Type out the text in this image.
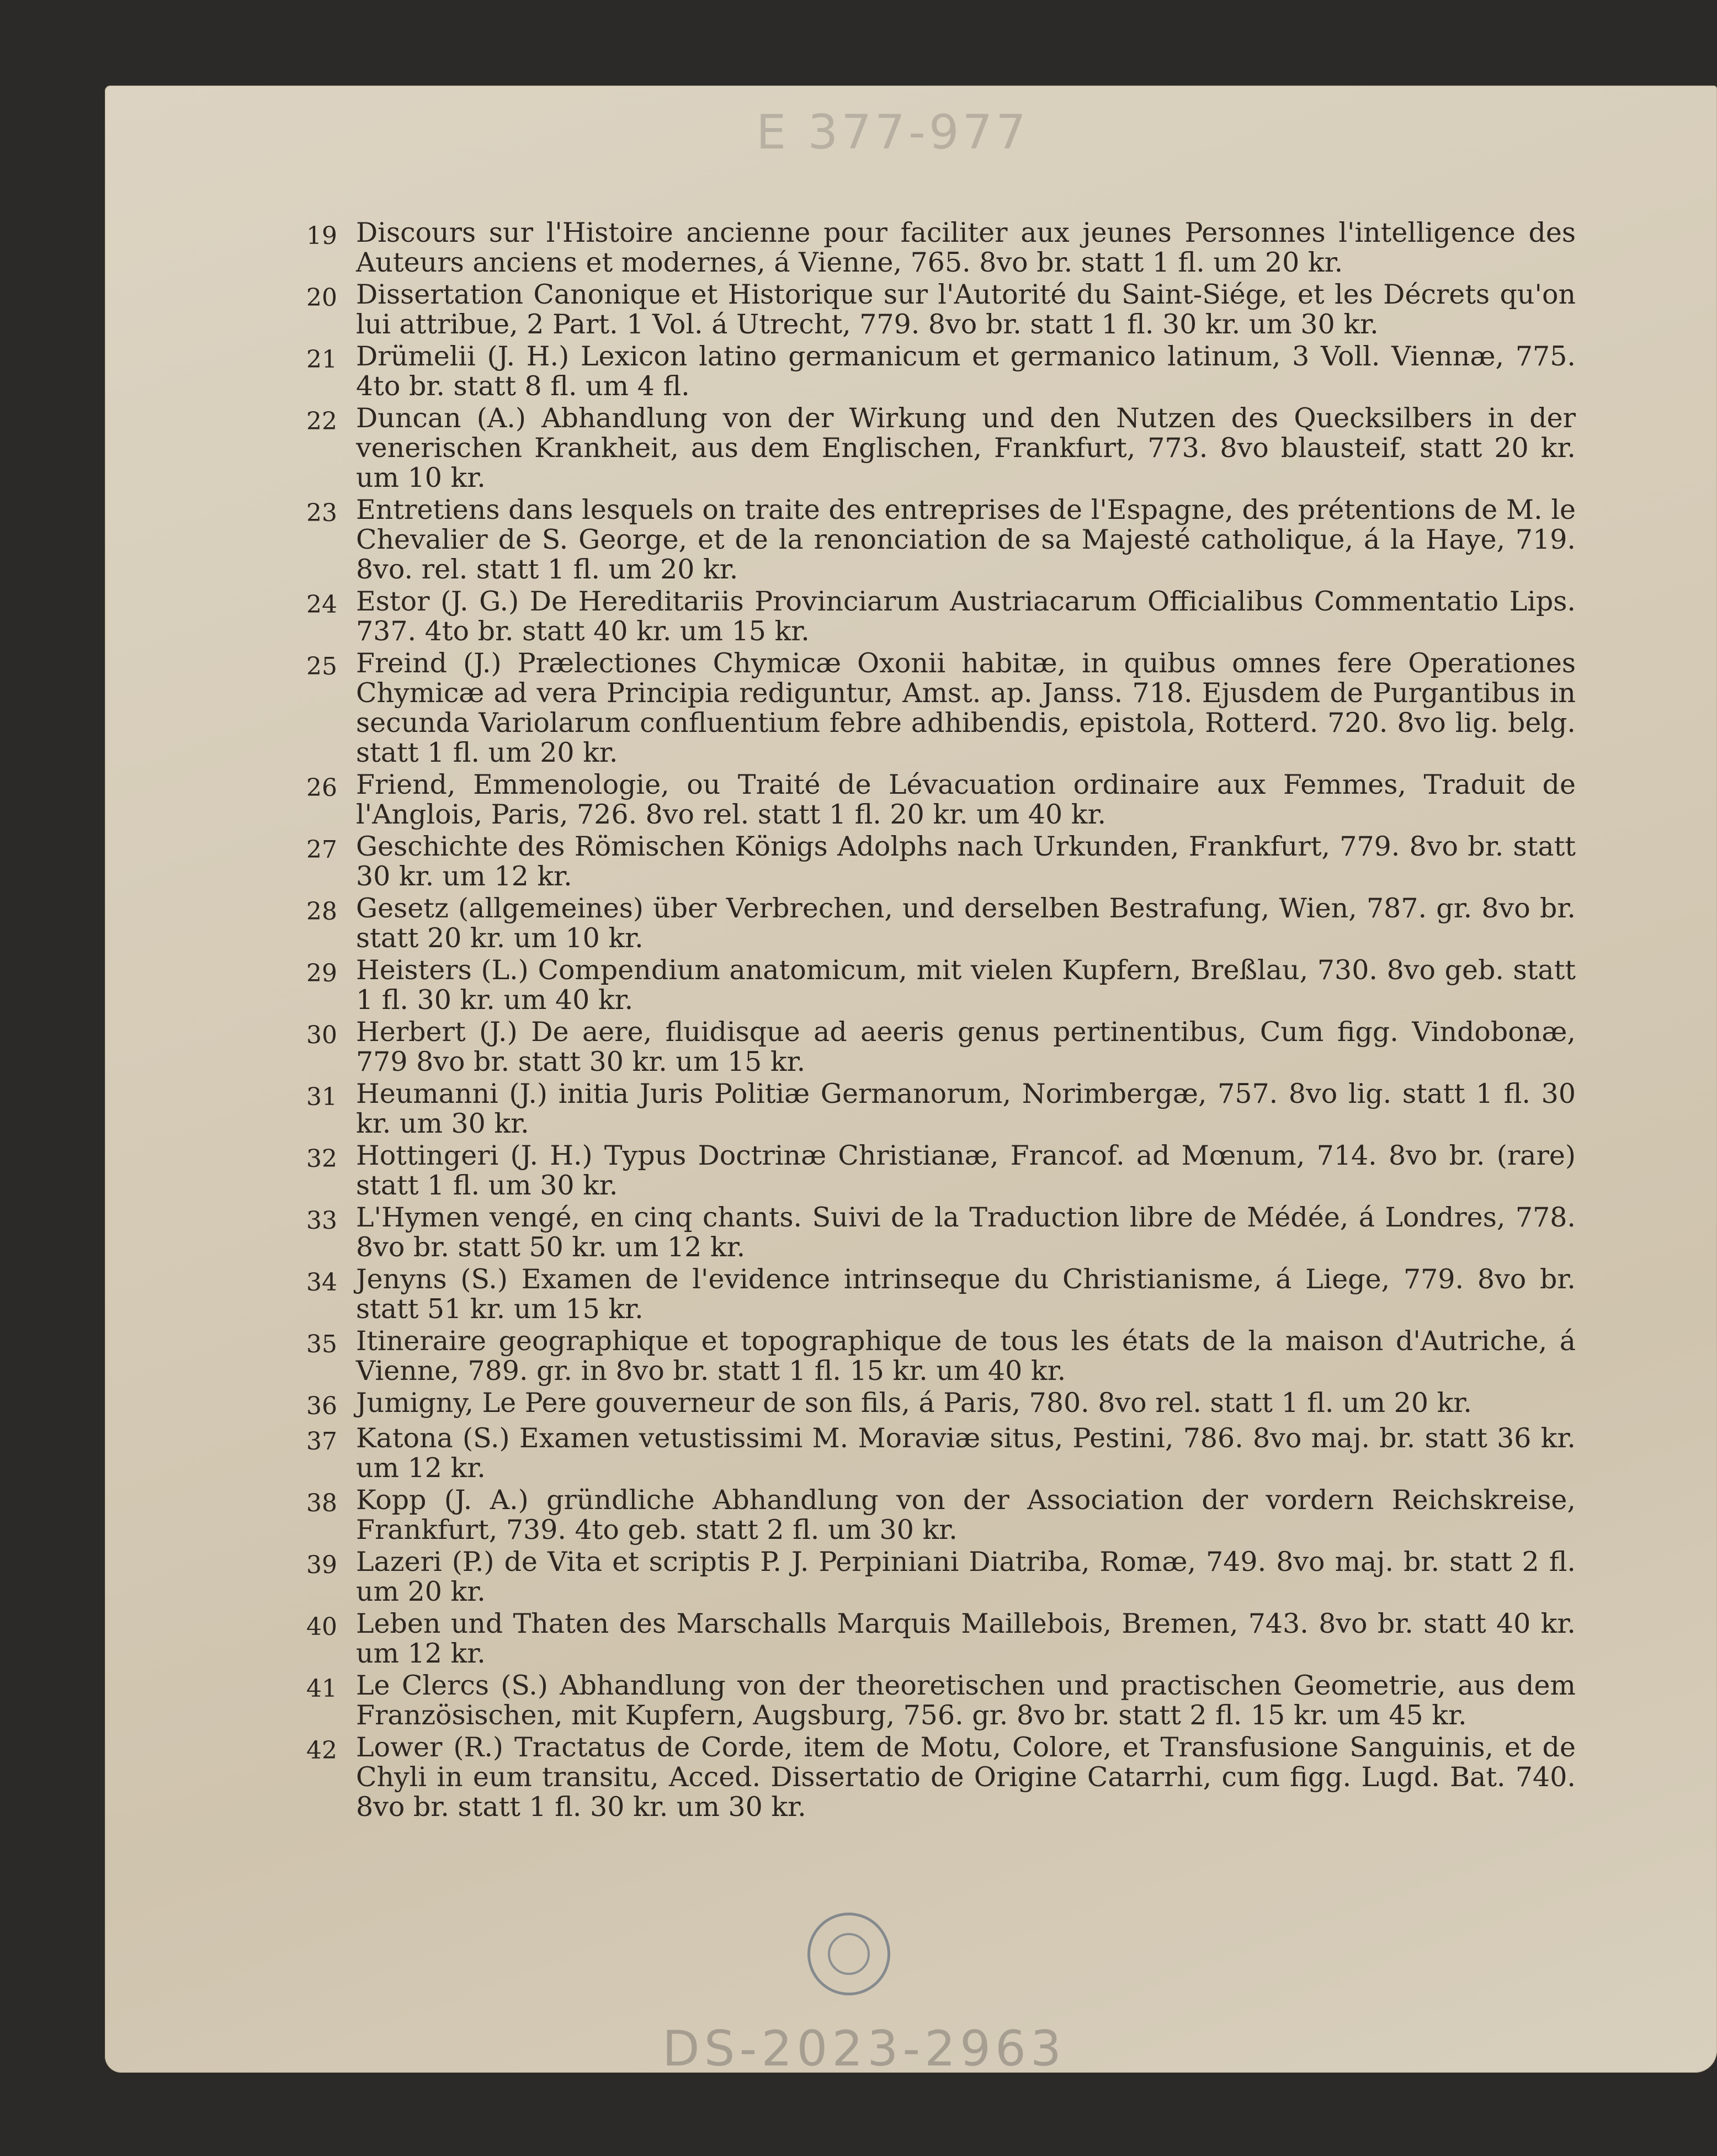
E 377-977
19 Discours sur l'Histoire ancienne pour faciliter aux jeunes Personnes l'intelligence des Auteurs anciens et modernes, á Vienne, 765. 8vo br. statt 1 fl. um 20 kr.
20 Dissertation Canonique et Historique sur l'Autorité du Saint-Siége, et les Décrets qu'on lui attribue, 2 Part. 1 Vol. á Utrecht, 779. 8vo br. statt 1 fl. 30 kr. um 30 kr.
21 Drümelii (J. H.) Lexicon latino germanicum et germanico latinum, 3 Voll. Viennæ, 775. 4to br. statt 8 fl. um 4 fl.
22 Duncan (A.) Abhandlung von der Wirkung und den Nutzen des Quecksilbers in der venerischen Krankheit, aus dem Englischen, Frankfurt, 773. 8vo blausteif, statt 20 kr. um 10 kr.
23 Entretiens dans lesquels on traite des entreprises de l'Espagne, des prétentions de M. le Chevalier de S. George, et de la renonciation de sa Majesté catholique, á la Haye, 719. 8vo. rel. statt 1 fl. um 20 kr.
24 Estor (J. G.) De Hereditariis Provinciarum Austriacarum Officialibus Commentatio Lips. 737. 4to br. statt 40 kr. um 15 kr.
25 Freind (J.) Prælectiones Chymicæ Oxonii habitæ, in quibus omnes fere Operationes Chymicæ ad vera Principia rediguntur, Amst. ap. Janss. 718. Ejusdem de Purgantibus in secunda Variolarum confluentium febre adhibendis, epistola, Rotterd. 720. 8vo lig. belg. statt 1 fl. um 20 kr.
26 Friend, Emmenologie, ou Traité de Lévacuation ordinaire aux Femmes, Traduit de l'Anglois, Paris, 726. 8vo rel. statt 1 fl. 20 kr. um 40 kr.
27 Geschichte des Römischen Königs Adolphs nach Urkunden, Frankfurt, 779. 8vo br. statt 30 kr. um 12 kr.
28 Gesetz (allgemeines) über Verbrechen, und derselben Bestrafung, Wien, 787. gr. 8vo br. statt 20 kr. um 10 kr.
29 Heisters (L.) Compendium anatomicum, mit vielen Kupfern, Breßlau, 730. 8vo geb. statt 1 fl. 30 kr. um 40 kr.
30 Herbert (J.) De aere, fluidisque ad aeeris genus pertinentibus, Cum figg. Vindobonæ, 779 8vo br. statt 30 kr. um 15 kr.
31 Heumanni (J.) initia Juris Politiæ Germanorum, Norimbergæ, 757. 8vo lig. statt 1 fl. 30 kr. um 30 kr.
32 Hottingeri (J. H.) Typus Doctrinæ Christianæ, Francof. ad Mœnum, 714. 8vo br. (rare) statt 1 fl. um 30 kr.
33 L'Hymen vengé, en cinq chants. Suivi de la Traduction libre de Médée, á Londres, 778. 8vo br. statt 50 kr. um 12 kr.
34 Jenyns (S.) Examen de l'evidence intrinseque du Christianisme, á Liege, 779. 8vo br. statt 51 kr. um 15 kr.
35 Itineraire geographique et topographique de tous les états de la maison d'Autriche, á Vienne, 789. gr. in 8vo br. statt 1 fl. 15 kr. um 40 kr.
36 Jumigny, Le Pere gouverneur de son fils, á Paris, 780. 8vo rel. statt 1 fl. um 20 kr.
37 Katona (S.) Examen vetustissimi M. Moraviæ situs, Pestini, 786. 8vo maj. br. statt 36 kr. um 12 kr.
38 Kopp (J. A.) gründliche Abhandlung von der Association der vordern Reichskreise, Frankfurt, 739. 4to geb. statt 2 fl. um 30 kr.
39 Lazeri (P.) de Vita et scriptis P. J. Perpiniani Diatriba, Romæ, 749. 8vo maj. br. statt 2 fl. um 20 kr.
40 Leben und Thaten des Marschalls Marquis Maillebois, Bremen, 743. 8vo br. statt 40 kr. um 12 kr.
41 Le Clercs (S.) Abhandlung von der theoretischen und practischen Geometrie, aus dem Französischen, mit Kupfern, Augsburg, 756. gr. 8vo br. statt 2 fl. 15 kr. um 45 kr.
42 Lower (R.) Tractatus de Corde, item de Motu, Colore, et Transfusione Sanguinis, et de Chyli in eum transitu, Acced. Dissertatio de Origine Catarrhi, cum figg. Lugd. Bat. 740. 8vo br. statt 1 fl. 30 kr. um 30 kr.
DS-2023-2963
